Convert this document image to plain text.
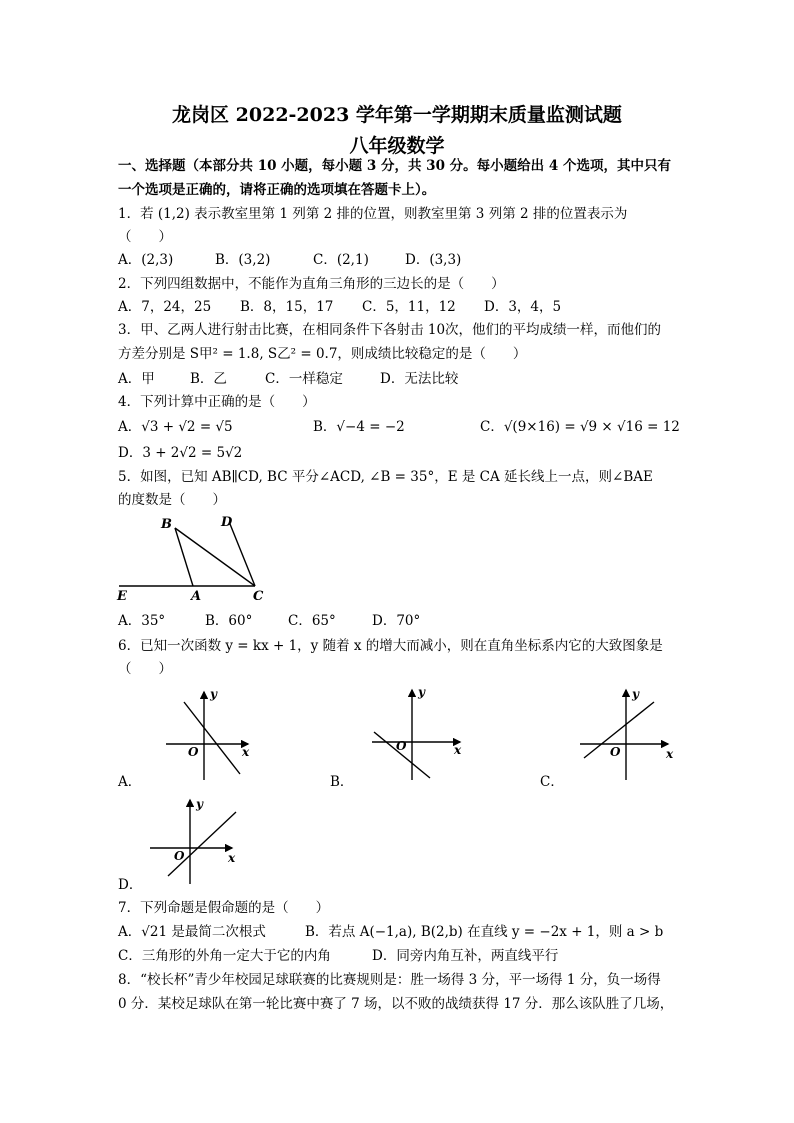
龙岗区 2022-2023 学年第一学期期末质量监测试题
八年级数学
一、选择题（本部分共 10 小题，每小题 3 分，共 30 分。每小题给出 4 个选项，其中只有
一个选项是正确的，请将正确的选项填在答题卡上）。
1．若 (1,2) 表示教室里第 1 列第 2 排的位置，则教室里第 3 列第 2 排的位置表示为
（　　）
A．(2,3)	B．(3,2)	C．(2,1)	D．(3,3)
2．下列四组数据中，不能作为直角三角形的三边长的是（　　）
A．7，24，25 B．8，15，17 C．5，11，12 D．3，4，5
3．甲、乙两人进行射击比赛，在相同条件下各射击 10次，他们的平均成绩一样，而他们的
方差分别是 S甲² = 1.8, S乙² = 0.7，则成绩比较稳定的是（　　）
A．甲	B．乙	C．一样稳定	D．无法比较
4．下列计算中正确的是（　　）
A．√3 + √2 = √5	B．√−4 = −2	C．√(9×16) = √9 × √16 = 12
D．3 + 2√2 = 5√2
5．如图，已知 AB∥CD, BC 平分∠ACD, ∠B = 35°，E 是 CA 延长线上一点，则∠BAE
的度数是（　　）
B	D
E	A	C
A．35°	B．60°	C．65°	D．70°
6．已知一次函数 y = kx + 1，y 随着 x 的增大而减小，则在直角坐标系内它的大致图象是
（　　）
O	x
y
A．
O	x
y
B．
O	x
y
C．
O	x
y
D．
7．下列命题是假命题的是（　　）
A．√21 是最简二次根式	B．若点 A(−1,a), B(2,b) 在直线 y = −2x + 1，则 a > b
C．三角形的外角一定大于它的内角	D．同旁内角互补，两直线平行
8．“校长杯”青少年校园足球联赛的比赛规则是：胜一场得 3 分，平一场得 1 分，负一场得
0 分．某校足球队在第一轮比赛中赛了 7 场，以不败的战绩获得 17 分．那么该队胜了几场，
